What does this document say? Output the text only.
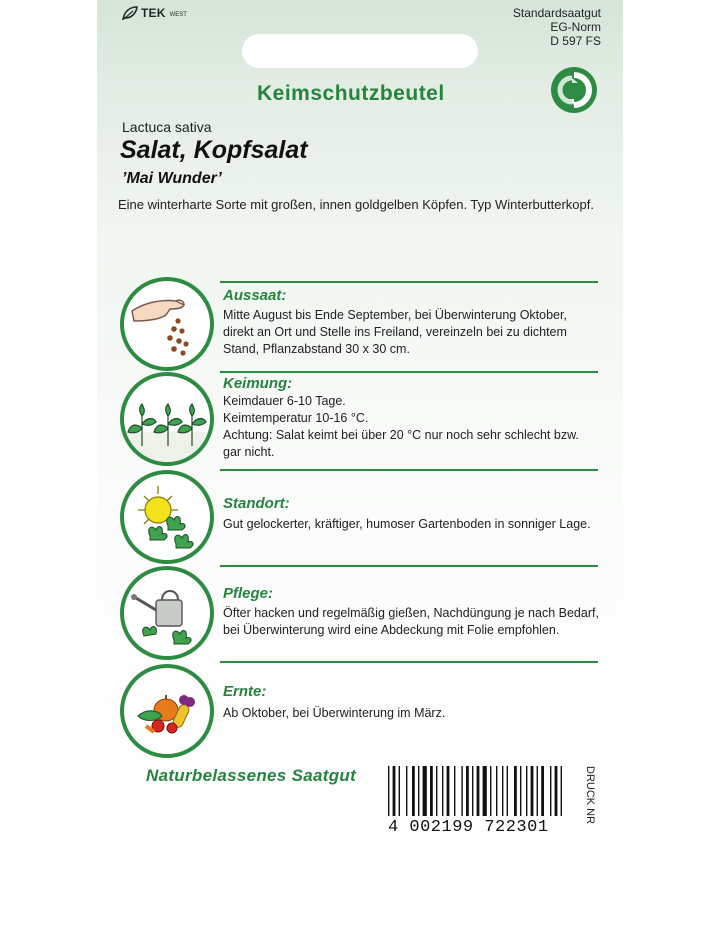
TEK WEST	Standardsaatgut
EG-Norm
D 597 FS
Keimschutzbeutel
Lactuca sativa
Salat, Kopfsalat
’Mai Wunder’
Eine winterharte Sorte mit großen, innen goldgelben Köpfen. Typ Winterbutterkopf.
Aussaat:
Mitte August bis Ende September, bei Überwinterung Oktober,
direkt an Ort und Stelle ins Freiland, vereinzeln bei zu dichtem
Stand, Pflanzabstand 30 x 30 cm.
Keimung:
Keimdauer 6-10 Tage.
Keimtemperatur 10-16 °C.
Achtung: Salat keimt bei über 20 °C nur noch sehr schlecht bzw.
gar nicht.
Standort:
Gut gelockerter, kräftiger, humoser Gartenboden in sonniger Lage.
Pflege:
Öfter hacken und regelmäßig gießen, Nachdüngung je nach Bedarf,
bei Überwinterung wird eine Abdeckung mit Folie empfohlen.
Ernte:
Ab Oktober, bei Überwinterung im März.
Naturbelassenes Saatgut
4 002199 722301
DRUCK NR
